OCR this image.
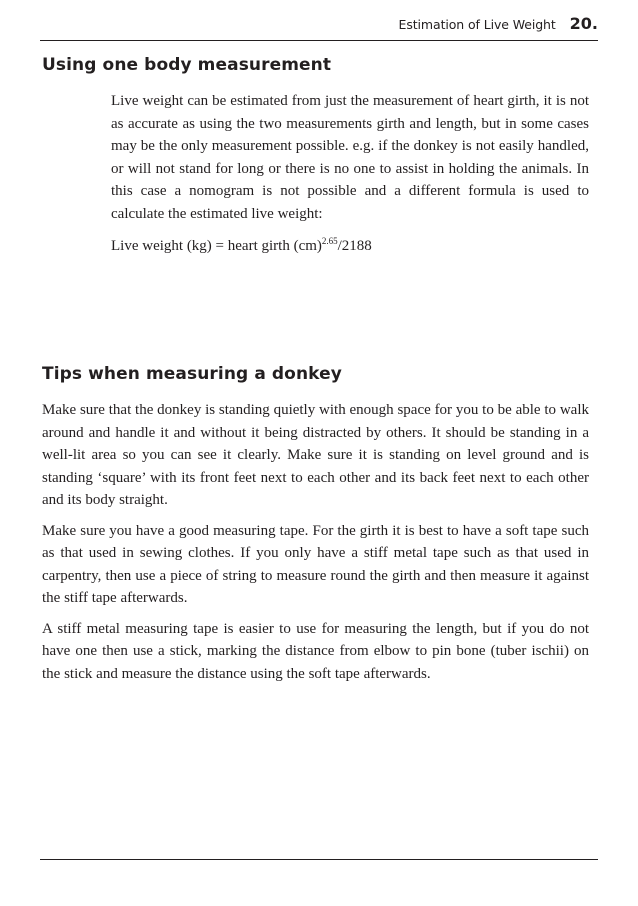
Estimation of Live Weight 20.
Using one body measurement

Live weight can be estimated from just the measurement of heart girth, it is not as accurate as using the two measurements girth and length, but in some cases may be the only measurement possible. e.g. if the donkey is not easily handled, or will not stand for long or there is no one to assist in holding the animals. In this case a nomogram is not possible and a different formula is used to calculate the estimated live weight:

Live weight (kg) = heart girth (cm)$^{2.65}$/2188

Tips when measuring a donkey

Make sure that the donkey is standing quietly with enough space for you to be able to walk around and handle it and without it being distracted by others. It should be standing in a well-lit area so you can see it clearly. Make sure it is standing on level ground and is standing ‘square’ with its front feet next to each other and its back feet next to each other and its body straight.

Make sure you have a good measuring tape. For the girth it is best to have a soft tape such as that used in sewing clothes. If you only have a stiff metal tape such as that used in carpentry, then use a piece of string to measure round the girth and then measure it against the stiff tape afterwards.

A stiff metal measuring tape is easier to use for measuring the length, but if you do not have one then use a stick, marking the distance from elbow to pin bone (tuber ischii) on the stick and measure the distance using the soft tape afterwards.
